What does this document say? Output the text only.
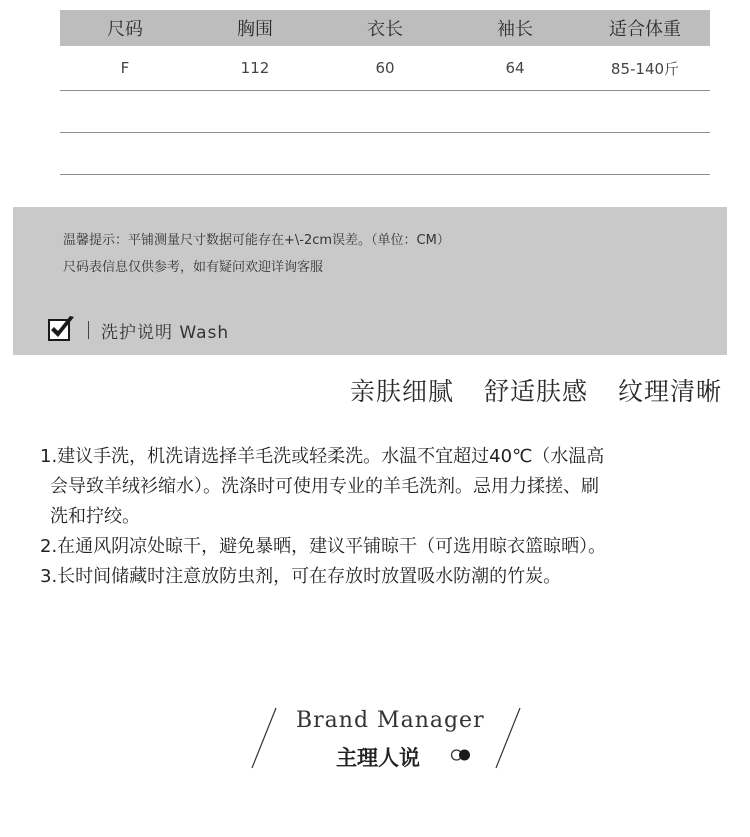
尺码	胸围	衣长	袖长	适合体重
F	112	60	64	85-140斤
温馨提示：平铺测量尺寸数据可能存在+\-2cm误差。（单位：CM）
尺码表信息仅供参考，如有疑问欢迎详询客服
洗护说明 Wash
亲肤细腻 舒适肤感 纹理清晰

1.建议手洗，机洗请选择羊毛洗或轻柔洗。水温不宜超过40℃（水温高

会导致羊绒衫缩水）。洗涤时可使用专业的羊毛洗剂。忌用力揉搓、刷

洗和拧绞。

2.在通风阴凉处晾干，避免暴晒，建议平铺晾干（可选用晾衣篮晾晒）。

3.长时间储藏时注意放防虫剂，可在存放时放置吸水防潮的竹炭。

Brand Manager
主理人说
